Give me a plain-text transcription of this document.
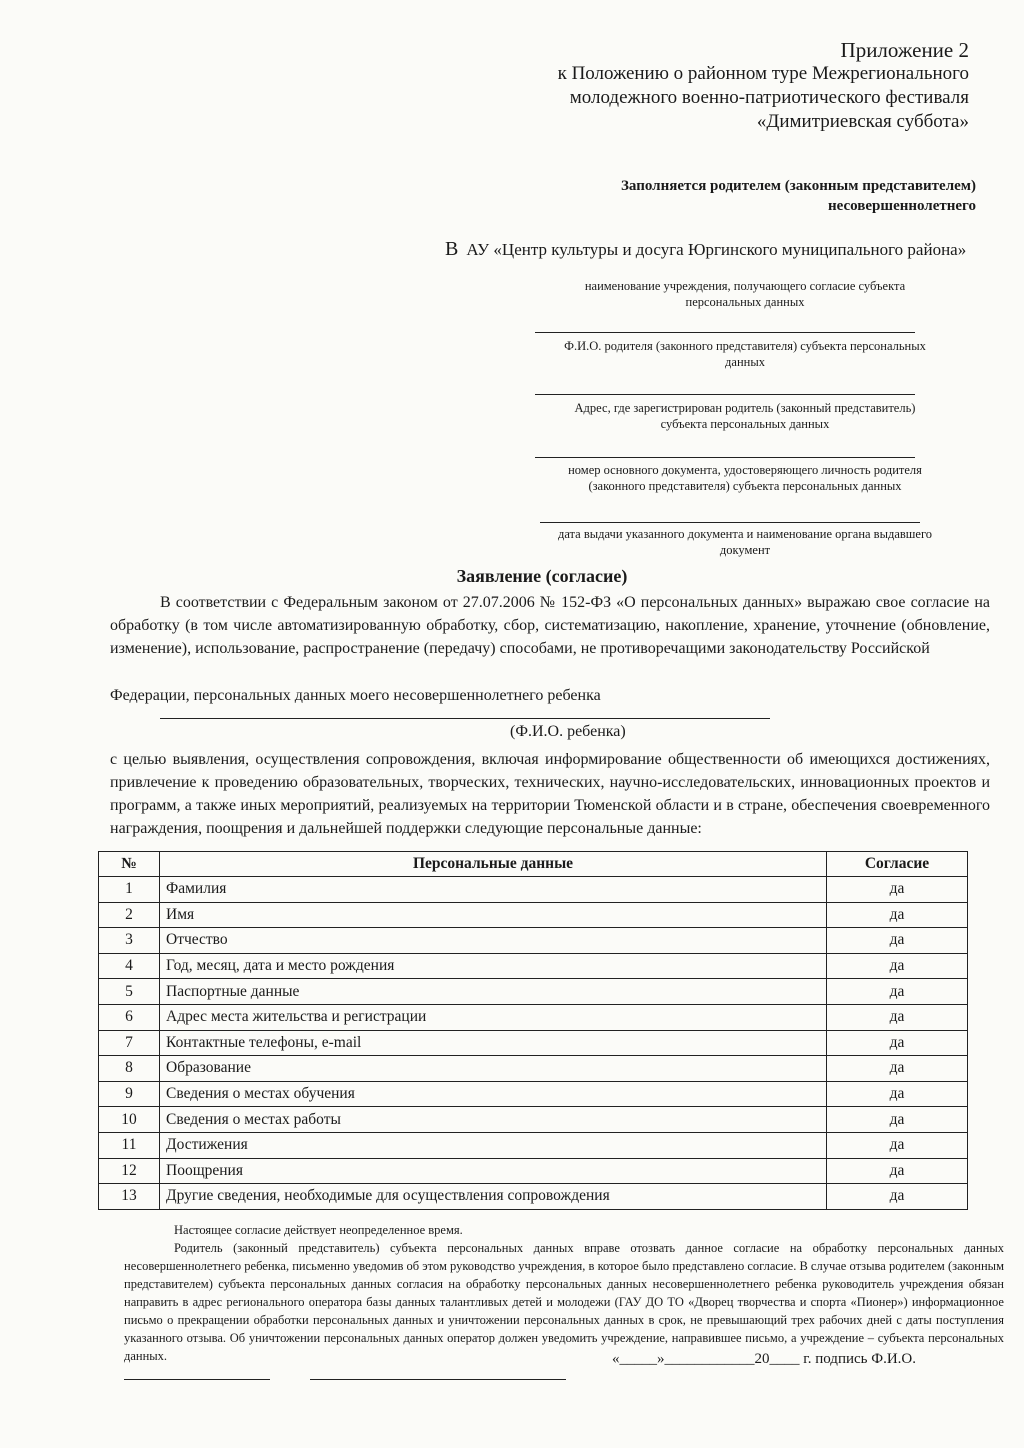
Приложение 2
к Положению о районном туре Межрегионального
молодежного военно-патриотического фестиваля
«Димитриевская суббота»
Заполняется родителем (законным представителем)
несовершеннолетнего
В АУ «Центр культуры и досуга Юргинского муниципального района»
наименование учреждения, получающего согласие субъекта
персональных данных
Ф.И.О. родителя (законного представителя) субъекта персональных
данных
Адрес, где зарегистрирован родитель (законный представитель)
субъекта персональных данных
номер основного документа, удостоверяющего личность родителя
(законного представителя) субъекта персональных данных
дата выдачи указанного документа и наименование органа выдавшего
документ
Заявление (согласие)
В соответствии с Федеральным законом от 27.07.2006 № 152-ФЗ «О персональных данных» выражаю свое согласие на обработку (в том числе автоматизированную обработку, сбор, систематизацию, накопление, хранение, уточнение (обновление, изменение), использование, распространение (передачу) способами, не противоречащими законодательству Российской
Федерации, персональных данных моего несовершеннолетнего ребенка
(Ф.И.О. ребенка)
с целью выявления, осуществления сопровождения, включая информирование общественности об имеющихся достижениях, привлечение к проведению образовательных, творческих, технических, научно-исследовательских, инновационных проектов и программ, а также иных мероприятий, реализуемых на территории Тюменской области и в стране, обеспечения своевременного награждения, поощрения и дальнейшей поддержки следующие персональные данные:
№	Персональные данные	Согласие
1	Фамилия	да
2	Имя	да
3	Отчество	да
4	Год, месяц, дата и место рождения	да
5	Паспортные данные	да
6	Адрес места жительства и регистрации	да
7	Контактные телефоны, e-mail	да
8	Образование	да
9	Сведения о местах обучения	да
10	Сведения о местах работы	да
11	Достижения	да
12	Поощрения	да
13	Другие сведения, необходимые для осуществления сопровождения	да
Настоящее согласие действует неопределенное время.
Родитель (законный представитель) субъекта персональных данных вправе отозвать данное согласие на обработку персональных данных несовершеннолетнего ребенка, письменно уведомив об этом руководство учреждения, в которое было представлено согласие. В случае отзыва родителем (законным представителем) субъекта персональных данных согласия на обработку персональных данных несовершеннолетнего ребенка руководитель учреждения обязан направить в адрес регионального оператора базы данных талантливых детей и молодежи (ГАУ ДО ТО «Дворец творчества и спорта «Пионер») информационное письмо о прекращении обработки персональных данных и уничтожении персональных данных в срок, не превышающий трех рабочих дней с даты поступления указанного отзыва. Об уничтожении персональных данных оператор должен уведомить учреждение, направившее письмо, а учреждение – субъекта персональных данных.	«_____»____________20____ г. подпись Ф.И.О.
